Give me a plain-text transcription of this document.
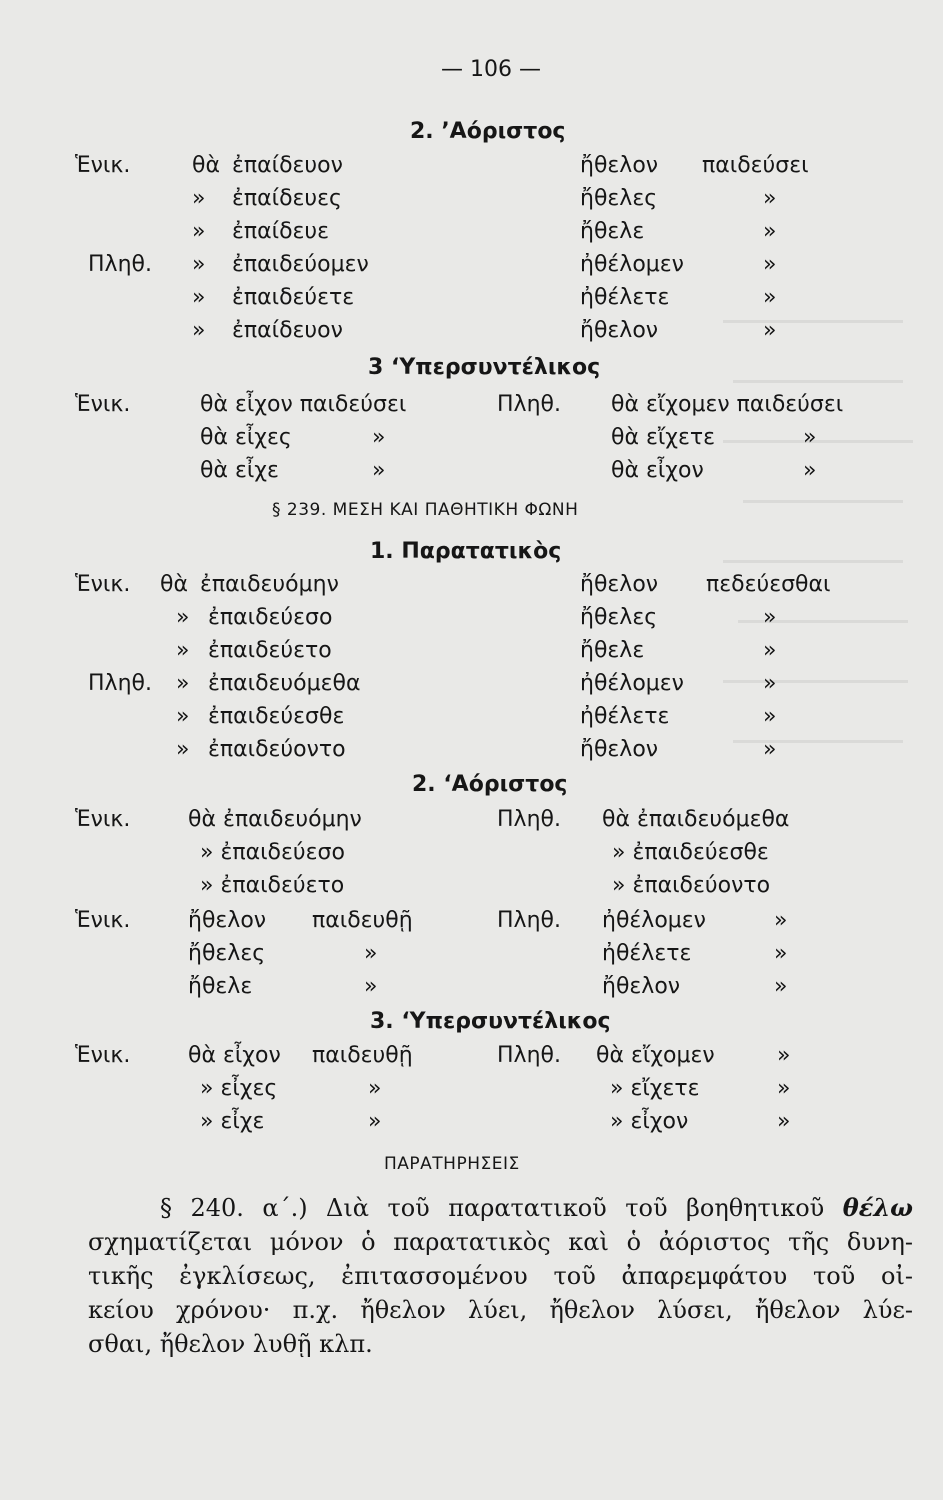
— 106 —
2. ’Αόριστος
Ἑνικ.	θὰ ἐπαίδευον	ἤθελον παιδεύσει
» ἐπαίδευες	ἤθελες	»
» ἐπαίδευε	ἤθελε	»
Πληθ. » ἐπαιδεύομεν	ἠθέλομεν	»
» ἐπαιδεύετε	ἠθέλετε	»
» ἐπαίδευον	ἤθελον	»
3 ‘Υπερσυντέλικος
Ἑνικ.	θὰ εἶχον παιδεύσει	Πληθ. θὰ εἴχομεν παιδεύσει
θὰ εἶχες	»	θὰ εἴχετε	»
θὰ εἶχε	»	θὰ εἶχον	»
§ 239. ΜΕΣΗ ΚΑΙ ΠΑΘΗΤΙΚΗ ΦΩΝΗ
1. Παρατατικὸς
Ἑνικ. θὰ ἐπαιδευόμην	ἤθελον πεδεύεσθαι
» ἐπαιδεύεσο	ἤθελες	»
» ἐπαιδεύετο	ἤθελε	»
Πληθ. » ἐπαιδευόμεθα	ἠθέλομεν	»
» ἐπαιδεύεσθε	ἠθέλετε	»
» ἐπαιδεύοντο	ἤθελον	»
2. ‘Αόριστος
Ἑνικ.	θὰ ἐπαιδευόμην	Πληθ. θὰ ἐπαιδευόμεθα
» ἐπαιδεύεσο	» ἐπαιδεύεσθε
» ἐπαιδεύετο	» ἐπαιδεύοντο
Ἑνικ.	ἤθελον παιδευθῇ	Πληθ. ἠθέλομεν	»
ἤθελες	»	ἠθέλετε	»
ἤθελε	»	ἤθελον	»
3. ‘Υπερσυντέλικος
Ἑνικ.	θὰ εἶχον παιδευθῇ	Πληθ. θὰ εἴχομεν	»
» εἶχες	»	» εἴχετε	»
» εἶχε	»	» εἶχον	»
ΠΑΡΑΤΗΡΗΣΕΙΣ
§ 240. α΄.) Διὰ τοῦ παρατατικοῦ τοῦ βοηθητικοῦ θέλω
σχηματίζεται μόνον ὁ παρατατικὸς καὶ ὁ ἀόριστος τῆς δυνη-
τικῆς ἐγκλίσεως, ἐπιτασσομένου τοῦ ἀπαρεμφάτου τοῦ οἰ-
κείου χρόνου· π.χ. ἤθελον λύει, ἤθελον λύσει, ἤθελον λύε-
σθαι, ἤθελον λυθῇ κλπ.
